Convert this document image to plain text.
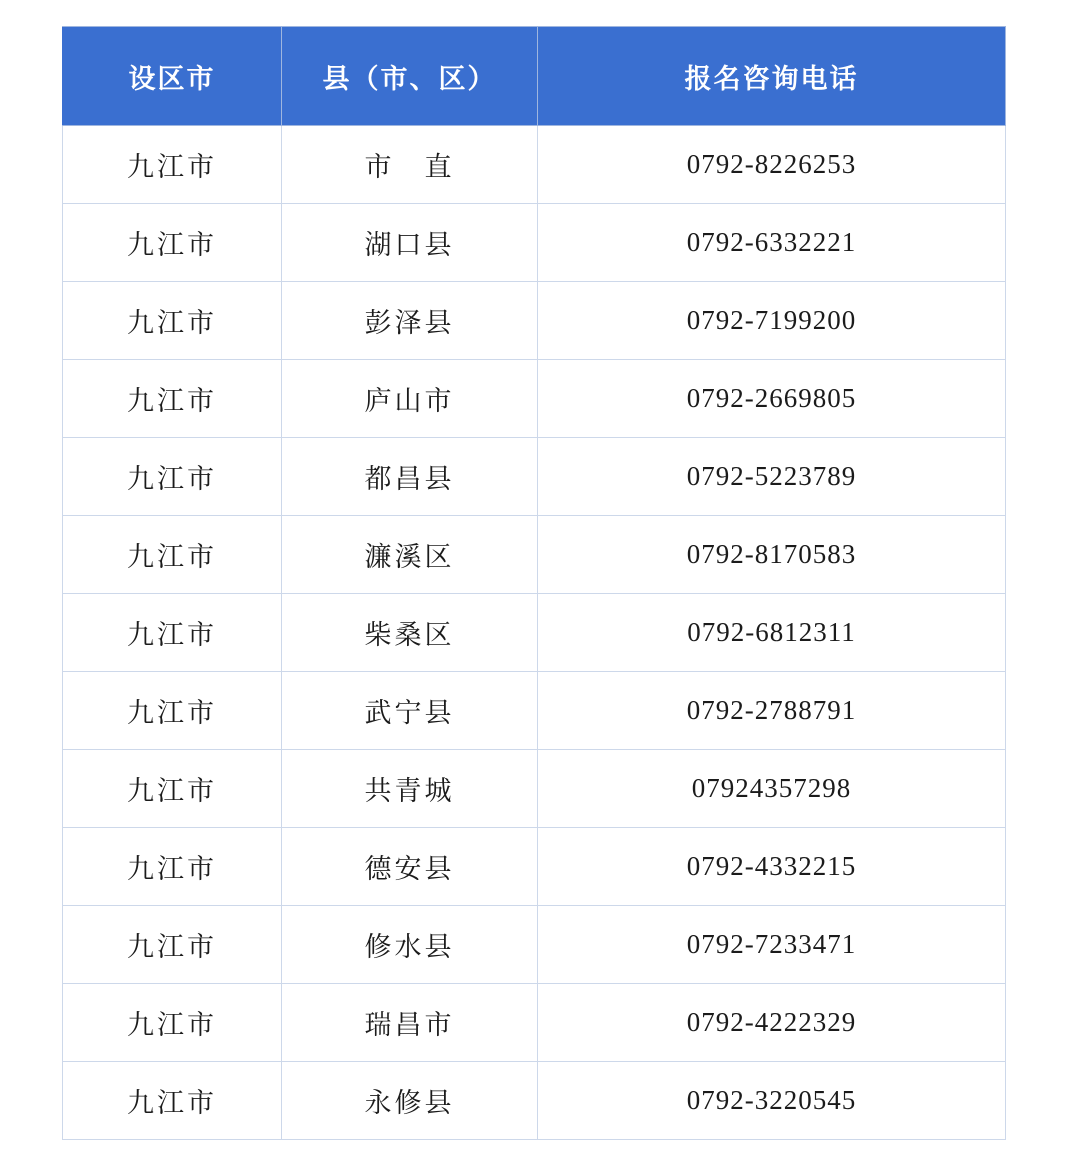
设区市	县（市、区）	报名咨询电话
九江市	市　直	0792-8226253
九江市	湖口县	0792-6332221
九江市	彭泽县	0792-7199200
九江市	庐山市	0792-2669805
九江市	都昌县	0792-5223789
九江市	濂溪区	0792-8170583
九江市	柴桑区	0792-6812311
九江市	武宁县	0792-2788791
九江市	共青城	07924357298
九江市	德安县	0792-4332215
九江市	修水县	0792-7233471
九江市	瑞昌市	0792-4222329
九江市	永修县	0792-3220545
